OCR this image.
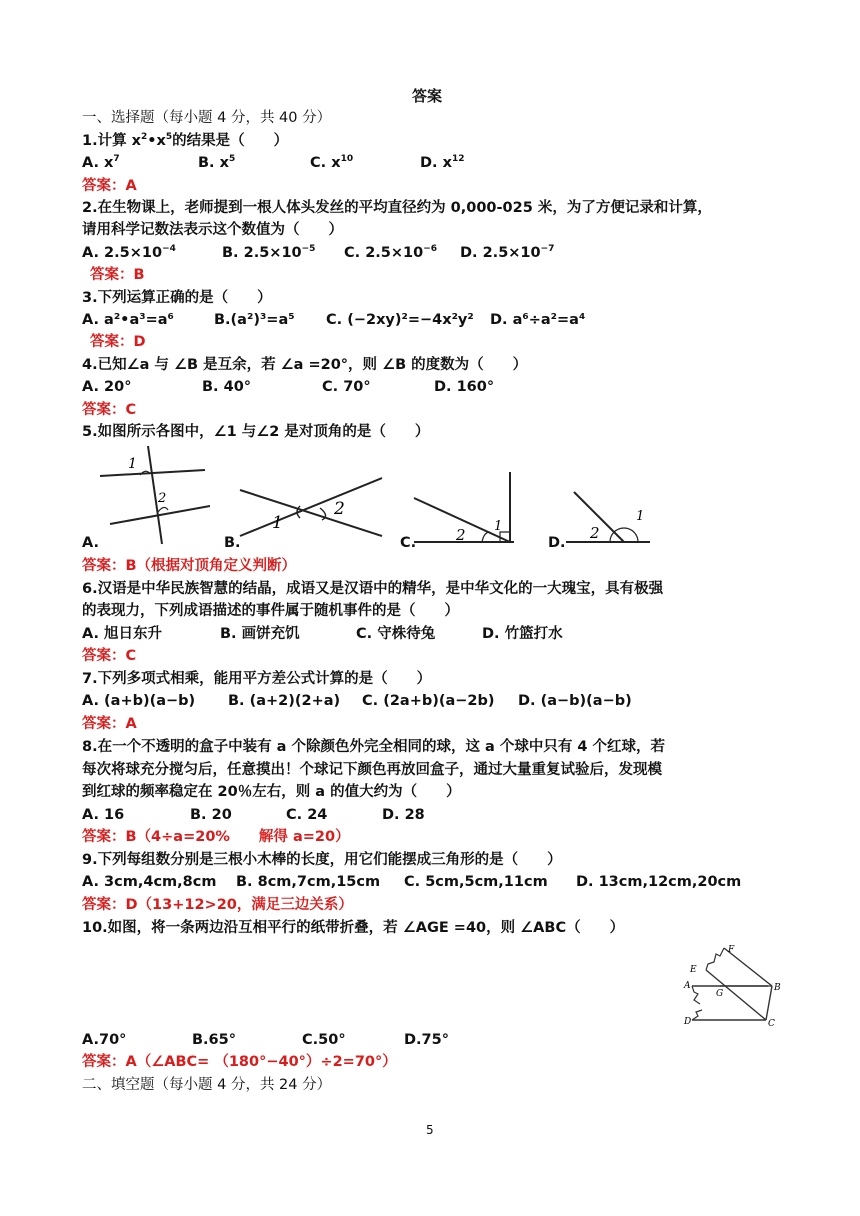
答案
一、选择题（每小题 4 分，共 40 分）
1.计算 $x^2•x^5$的结果是（　　）
A. $x^7$	B. $x^5$	C. $x^{10}$	D. $x^{12}$
答案：A
2.在生物课上，老师提到一根人体头发丝的平均直径约为 0,000-025 米，为了方便记录和计算，
请用科学记数法表示这个数值为（　　）
A. $2.5\times 10^{-4}$	B. $2.5\times 10^{-5}$ C. $2.5\times 10^{-6}$ D. $2.5\times 10^{-7}$
答案：B
3.下列运算正确的是（　　）
A. a²•a³=a⁶	B.(a²)³=a⁵ C. (−2xy)²=−4x²y² D. a⁶÷a²=a⁴
答案：D
4.已知∠a 与 ∠B 是互余，若 ∠a =20°，则 ∠B 的度数为（　　）
A. 20°	B. 40°	C. 70°	D. 160°
答案：C
5.如图所示各图中，∠1 与∠2 是对顶角的是（　　）
1
2
A.
1
2
B.	2 1
C.
2
1
D.
答案：B（根据对顶角定义判断）
6.汉语是中华民族智慧的结晶，成语又是汉语中的精华，是中华文化的一大瑰宝，具有极强
的表现力，下列成语描述的事件属于随机事件的是（　　）
A. 旭日东升	B. 画饼充饥	C. 守株待兔	D. 竹篮打水
答案：C
7.下列多项式相乘，能用平方差公式计算的是（　　）
A. (a+b)(a−b) B. (a+2)(2+a) C. (2a+b)(a−2b) D. (a−b)(a−b)
答案：A
8.在一个不透明的盒子中装有 a 个除颜色外完全相同的球，这 a 个球中只有 4 个红球，若
每次将球充分搅匀后，任意摸出！个球记下颜色再放回盒子，通过大量重复试验后，发现模
到红球的频率稳定在 20％左右，则 a 的值大约为（　　）
A. 16	B. 20	C. 24	D. 28
答案：B（4÷a=20%　　解得 a=20）
9.下列每组数分别是三根小木棒的长度，用它们能摆成三角形的是（　　）
A. 3cm,4cm,8cm B. 8cm,7cm,15cm C. 5cm,5cm,11cm D. 13cm,12cm,20cm
答案：D（13+12>20，满足三边关系）
10.如图，将一条两边沿互相平行的纸带折叠，若 ∠AGE =40，则 ∠ABC（　　）
F
E
A
G
B
D	C
A.70°	B.65°	C.50°	D.75°
答案：A（∠ABC= （180°−40°）÷2=70°）
二、填空题（每小题 4 分，共 24 分）
5
